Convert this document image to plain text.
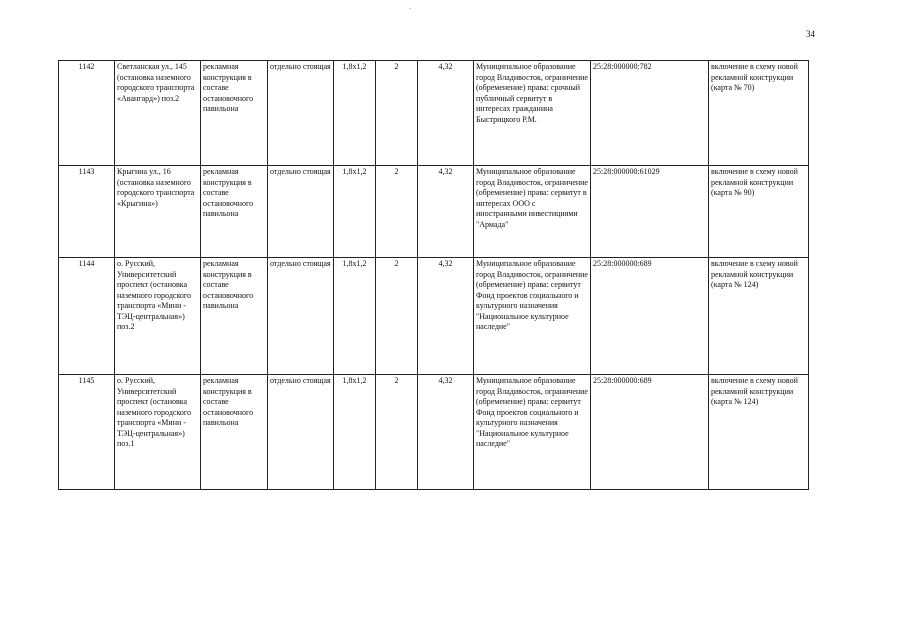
-
34
1142	Светланская ул., 145 (остановка наземного городского транспорта «Авангард») поз.2	рекламная конструкция в составе остановочного павильона	отдельно стоящая	1,8х1,2	2	4,32	Муниципальное образование город Владивосток, ограничение (обременение) права: срочный публичный сервитут в интересах гражданина Быстрицкого Р.М.	25:28:000000:782	включение в схему новой рекламной конструкции (карта № 70)
1143	Крыгина ул., 16 (остановка наземного городского транспорта «Крыгина»)	рекламная конструкция в составе остановочного павильона	отдельно стоящая	1,8х1,2	2	4,32	Муниципальное образование город Владивосток, ограничение (обременение) права: сервитут в интересах ООО с иностранными инвестициями "Армада"	25:28:000000:61029	включение в схему новой рекламной конструкции (карта № 90)
1144	о. Русский, Университетский проспект (остановка наземного городского транспорта «Мини - ТЭЦ-центральная») поз.2	рекламная конструкция в составе остановочного павильона	отдельно стоящая	1,8х1,2	2	4,32	Муниципальное образование город Владивосток, ограничение (обременение) права: сервитут Фонд проектов социального и культурного назначения "Национальное культурное наследие"	25:28:000000:689	включение в схему новой рекламной конструкции (карта № 124)
1145	о. Русский, Университетский проспект (остановка наземного городского транспорта «Мини - ТЭЦ-центральная») поз.1	рекламная конструкция в составе остановочного павильона	отдельно стоящая	1,8х1,2	2	4,32	Муниципальное образование город Владивосток, ограничение (обременение) права: сервитут Фонд проектов социального и культурного назначения "Национальное культурное наследие"	25:28:000000:689	включение в схему новой рекламной конструкции (карта № 124)
